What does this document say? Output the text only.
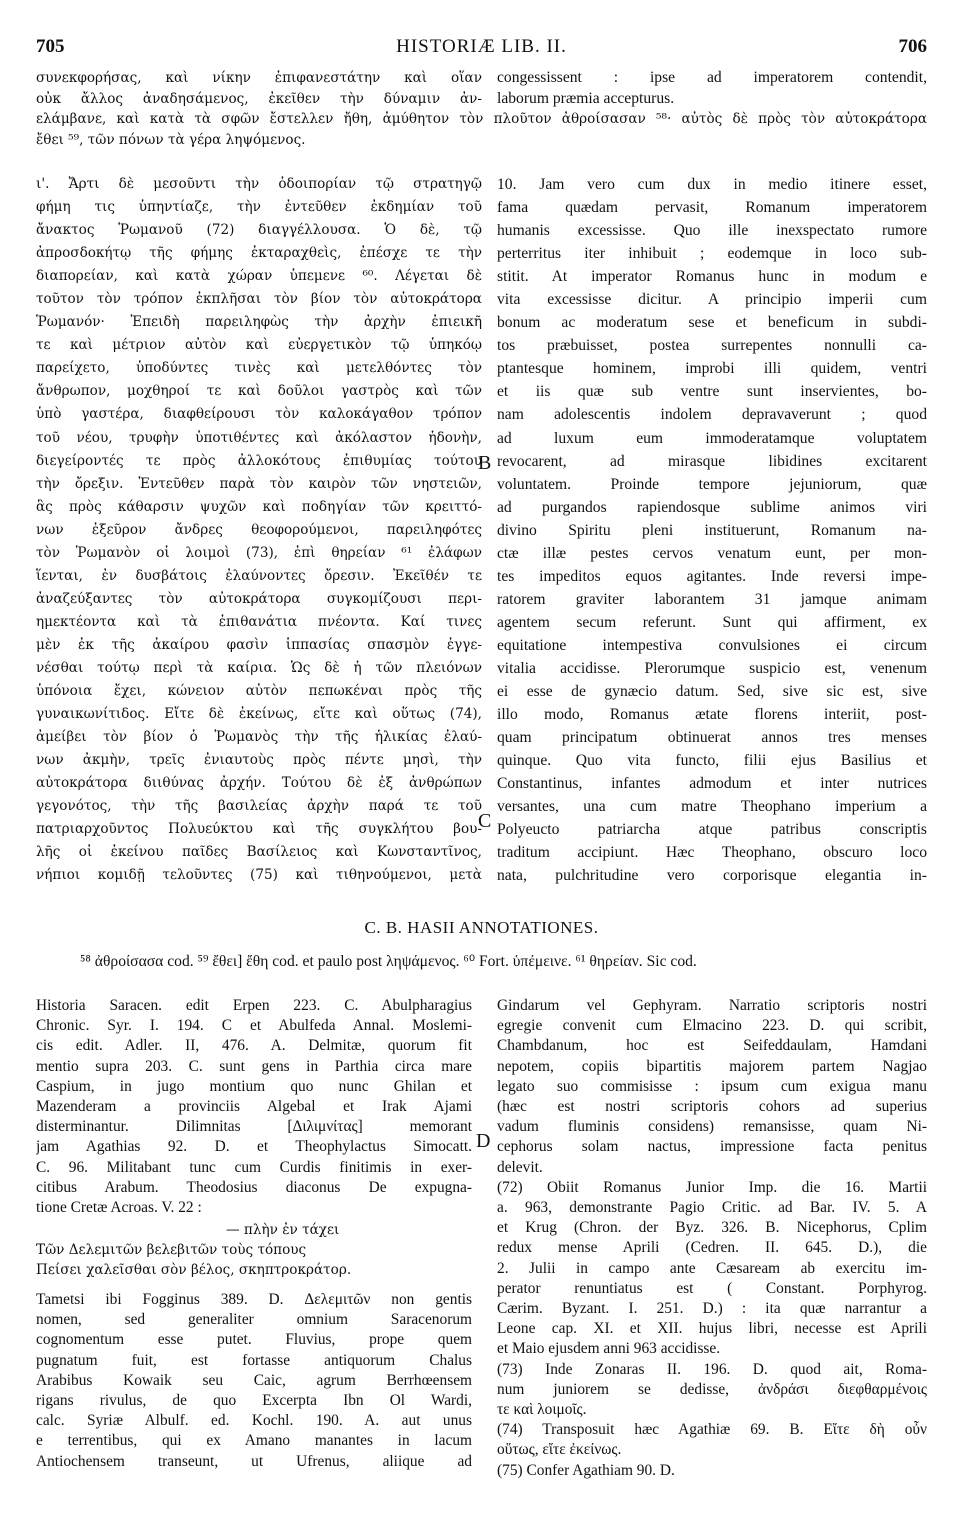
705	HISTORIÆ LIB. II.	706
συνεκφορήσας, καὶ νίκην ἐπιφανεστάτην καὶ οἵαν
οὐκ ἄλλος ἀναδησάμενος, ἐκεῖθεν τὴν δύναμιν ἀν-
congessissent : ipse ad imperatorem contendit,
laborum præmia accepturus.
ελάμβανε, καὶ κατὰ τὰ σφῶν ἔστελλεν ἤθη, ἀμύθητον τὸν πλοῦτον ἀθροίσασαν ⁵⁸· αὐτὸς δὲ πρὸς τὸν αὐτοκράτορα
ἔθει ⁵⁹, τῶν πόνων τὰ γέρα ληψόμενος.
ι'. Ἄρτι δὲ μεσοῦντι τὴν ὁδοιπορίαν τῷ στρατηγῷ
φήμη τις ὑπηντίαζε, τὴν ἐντεῦθεν ἐκδημίαν τοῦ
ἄνακτος Ῥωμανοῦ (72) διαγγέλλουσα. Ὁ δὲ, τῷ
ἀπροσδοκήτῳ τῆς φήμης ἐκταραχθεὶς, ἐπέσχε τε τὴν
διαπορείαν, καὶ κατὰ χώραν ὑπεμενε ⁶⁰. Λέγεται δὲ
τοῦτον τὸν τρόπον ἐκπλῆσαι τὸν βίον τὸν αὐτοκράτορα
Ῥωμανόν· Ἐπειδὴ παρειληφὼς τὴν ἀρχὴν ἐπιεικῆ
τε καὶ μέτριον αὐτὸν καὶ εὐεργετικὸν τῷ ὑπηκόῳ
παρείχετο, ὑποδύντες τινὲς καὶ μετελθόντες τὸν
ἄνθρωπον, μοχθηροί τε καὶ δοῦλοι γαστρὸς καὶ τῶν
ὑπὸ γαστέρα, διαφθείρουσι τὸν καλοκάγαθον τρόπον
τοῦ νέου, τρυφὴν ὑποτιθέντες καὶ ἀκόλαστον ἡδονὴν,
διεγείροντές τε πρὸς ἀλλοκότους ἐπιθυμίας τούτου
τὴν ὄρεξιν. Ἐντεῦθεν παρὰ τὸν καιρὸν τῶν νηστειῶν,
ἃς πρὸς κάθαρσιν ψυχῶν καὶ ποδηγίαν τῶν κρειττό-
νων ἐξεῦρον ἄνδρες θεοφορούμενοι, παρειληφότες
τὸν Ῥωμανὸν οἱ λοιμοὶ (73), ἐπὶ θηρείαν ⁶¹ ἐλάφων
ἵενται, ἐν δυσβάτοις ἐλαύνοντες ὄρεσιν. Ἐκεῖθέν τε
ἀναζεύξαντες τὸν αὐτοκράτορα συγκομίζουσι περι-
ημεκτέοντα καὶ τὰ ἐπιθανάτια πνέοντα. Καί τινες
μὲν ἐκ τῆς ἀκαίρου φασὶν ἱππασίας σπασμὸν ἐγγε-
νέσθαι τούτῳ περὶ τὰ καίρια. Ὡς δὲ ἡ τῶν πλειόνων
ὑπόνοια ἔχει, κώνειον αὐτὸν πεπωκέναι πρὸς τῆς
γυναικωνίτιδος. Εἴτε δὲ ἐκείνως, εἴτε καὶ οὕτως (74),
ἀμείβει τὸν βίον ὁ Ῥωμανὸς τὴν τῆς ἡλικίας ἐλαύ-
νων ἀκμὴν, τρεῖς ἐνιαυτοὺς πρὸς πέντε μησὶ, τὴν
αὐτοκράτορα διιθύνας ἀρχήν. Τούτου δὲ ἐξ ἀνθρώπων
γεγονότος, τὴν τῆς βασιλείας ἀρχὴν παρά τε τοῦ
πατριαρχοῦντος Πολυεύκτου καὶ τῆς συγκλήτου βου-
λῆς οἱ ἐκείνου παῖδες Βασίλειος καὶ Κωνσταντῖνος,
νήπιοι κομιδῇ τελοῦντες (75) καὶ τιθηνούμενοι, μετὰ
10. Jam vero cum dux in medio itinere esset,
fama quædam pervasit, Romanum imperatorem
humanis excessisse. Quo ille inexspectato rumore
perterritus iter inhibuit ; eodemque in loco sub-
stitit. At imperator Romanus hunc in modum e
vita excessisse dicitur. A principio imperii cum
bonum ac moderatum sese et beneficum in subdi-
tos præbuisset, postea surrepentes nonnulli ca-
ptantesque hominem, improbi illi quidem, ventri
et iis quæ sub ventre sunt inservientes, bo-
nam adolescentis indolem depravaverunt ; quod
ad luxum eum immoderatamque voluptatem
revocarent, ad mirasque libidines excitarent
voluntatem. Proinde tempore jejuniorum, quæ
ad purgandos rapiendosque sublime animos viri
divino Spiritu pleni instituerunt, Romanum na-
ctæ illæ pestes cervos venatum eunt, per mon-
tes impeditos equos agitantes. Inde reversi impe-
ratorem graviter laborantem 31 jamque animam
agentem secum referunt. Sunt qui affirment, ex
equitatione intempestiva convulsiones ei circum
vitalia accidisse. Plerorumque suspicio est, venenum
ei esse de gynæcio datum. Sed, sive sic est, sive
illo modo, Romanus ætate florens interiit, post-
quam principatum obtinuerat annos tres menses
quinque. Quo vita functo, filii ejus Basilius et
Constantinus, infantes admodum et inter nutrices
versantes, una cum matre Theophano imperium a
Polyeucto patriarcha atque patribus conscriptis
traditum accipiunt. Hæc Theophano, obscuro loco
nata, pulchritudine vero corporisque elegantia in-
B
C
C. B. HASII ANNOTATIONES.
⁵⁸ ἀθροίσασα cod. ⁵⁹ ἔθει] ἔθη cod. et paulo post ληψάμενος. ⁶⁰ Fort. ὑπέμεινε. ⁶¹ θηρείαν. Sic cod.
Historia Saracen. edit Erpen 223. C. Abulpharagius
Chronic. Syr. I. 194. C et Abulfeda Annal. Moslemi-
cis edit. Adler. II, 476. A. Delmitæ, quorum fit
mentio supra 203. C. sunt gens in Parthia circa mare
Caspium, in jugo montium quo nunc Ghilan et
Mazenderam a provinciis Algebal et Irak Ajami
disterminantur. Dilimnitas [Διλιμνίτας] memorant
jam Agathias 92. D. et Theophylactus Simocatt.
C. 96. Militabant tunc cum Curdis finitimis in exer-
citibus Arabum. Theodosius diaconus De expugna-
tione Cretæ Acroas. V. 22 :
— πλὴν ἐν τάχει
Τῶν Δελεμιτῶν βελεβιτῶν τοὺς τόπους
Πείσει χαλεῖσθαι σὸν βέλος, σκηπτροκράτορ.
Tametsi ibi Fogginus 389. D. Δελεμιτῶν non gentis
nomen, sed generaliter omnium Saracenorum
cognomentum esse putet. Fluvius, prope quem
pugnatum fuit, est fortasse antiquorum Chalus
Arabibus Kowaik seu Caic, agrum Berrhœensem
rigans rivulus, de quo Excerpta Ibn Ol Wardi,
calc. Syriæ Albulf. ed. Kochl. 190. A. aut unus
e terrentibus, qui ex Amano manantes in lacum
Antiochensem transeunt, ut Ufrenus, aliique ad
D
Gindarum vel Gephyram. Narratio scriptoris nostri
egregie convenit cum Elmacino 223. D. qui scribit,
Chambdanum, hoc est Seifeddaulam, Hamdani
nepotem, copiis bipartitis majorem partem Nagjao
legato suo commisisse : ipsum cum exigua manu
(hæc est nostri scriptoris cohors ad superius
vadum fluminis considens) remansisse, quam Ni-
cephorus solam nactus, impressione facta penitus
delevit.
(72) Obiit Romanus Junior Imp. die 16. Martii
a. 963, demonstrante Pagio Critic. ad Bar. IV. 5. A
et Krug (Chron. der Byz. 326. B. Nicephorus, Cplim
redux mense Aprili (Cedren. II. 645. D.), die
2. Julii in campo ante Cæsaream ab exercitu im-
perator renuntiatus est ( Constant. Porphyrog.
Cærim. Byzant. I. 251. D.) : ita quæ narrantur a
Leone cap. XI. et XII. hujus libri, necesse est Aprili
et Maio ejusdem anni 963 accidisse.
(73) Inde Zonaras II. 196. D. quod ait, Roma-
num juniorem se dedisse, ἀνδράσι διεφθαρμένοις
τε καὶ λοιμοῖς.
(74) Transposuit hæc Agathiæ 69. B. Εἴτε δὴ οὖν
οὕτως, εἴτε ἐκείνως.
(75) Confer Agathiam 90. D.
